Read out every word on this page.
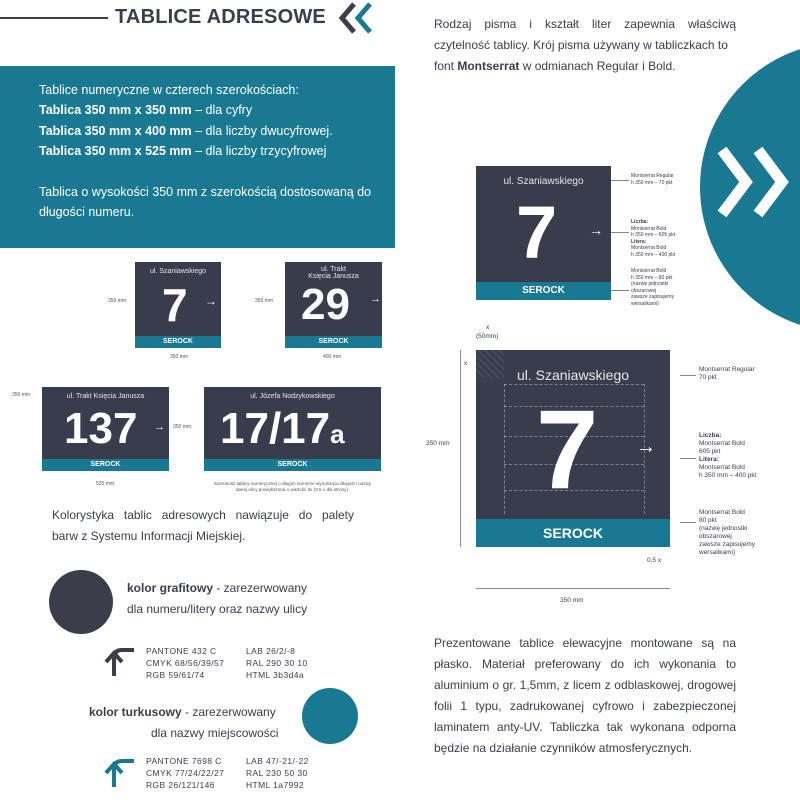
TABLICE ADRESOWE

Tablice numeryczne w czterech szerokościach:

Tablica 350 mm x 350 mm – dla cyfry

Tablica 350 mm x 400 mm – dla liczby dwucyfrowej.

Tablica 350 mm x 525 mm – dla liczby trzycyfrowej

Tablica o wysokości 350 mm z szerokością dostosowaną do

długości numeru.

350 mm
ul. Szaniawskiego
7 →
SEROCK
350 mm
350 mm
ul. Trakt
Księcia Janusza
29 →
SEROCK
400 mm
350 mm	ul. Trakt Księcia Janusza
137 →
SEROCK
525 mm
350 mm
ul. Józefa Nodzykowskiego
17/17a
SEROCK
Szerokość tablicy numerycznej o długim numerze wynosząca długości nazwy
danej ulicy powiększona o wartość 3x (3,5 x dla strony).
Kolorystyka tablic adresowych nawiązuje do palety
barw z Systemu Informacji Miejskiej.
kolor grafitowy - zarezerwowany
dla numeru/litery oraz nazwy ulicy
PANTONE 432 C
CMYK 68/56/39/57
RGB 59/61/74
LAB 26/2/-8
RAL 290 30 10
HTML 3b3d4a
kolor turkusowy - zarezerwowany
dla nazwy miejscowości
PANTONE 7698 C
CMYK 77/24/22/27
RGB 26/121/146
LAB 47/-21/-22
RAL 230 50 30
HTML 1a7992
Rodzaj pisma i kształt liter zapewnia właściwą
czytelność tablicy. Krój pisma używany w tabliczkach to
font Montserrat w odmianach Regular i Bold.
ul. Szaniawskiego
7 →
SEROCK
Montserrat Regular
h 350 mm – 70 pkt
Liczba:
Montserrat Bold
h 350 mm – 605 pkt
Litera:
Montserrat Bold
h 350 mm – 400 pkt
Montserrat Bold
h 350 mm – 80 pkt
(nazwę jednostki
obszarowej
zawsze zapisujemy
wersalikami)
x
(50mm)
x
350 mm
ul. Szaniawskiego
7 →
SEROCK
350 mm
0.5 x
Montserrat Regular
70 pkt
Liczba:
Montserrat Bold
605 pkt
Litera:
Montserrat Bold
h 350 mm – 400 pkt
Montserrat Bold
80 pkt
(nazwę jednostki
obszarowej
zawsze zapisujemy
wersalikami)
Prezentowane tablice elewacyjne montowane są na
płasko. Materiał preferowany do ich wykonania to
aluminium o gr. 1,5mm, z licem z odblaskowej, drogowej
folii 1 typu, zadrukowanej cyfrowo i zabezpieczonej
laminatem anty-UV. Tabliczka tak wykonana odporna
będzie na działanie czynników atmosferycznych.
